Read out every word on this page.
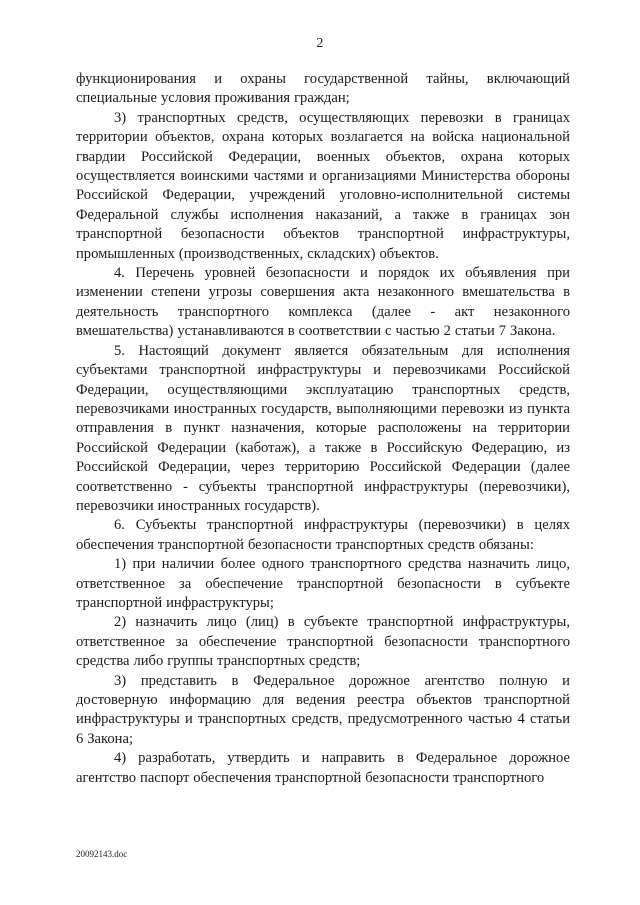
2

функционирования и охраны государственной тайны, включающий специальные условия проживания граждан;

3) транспортных средств, осуществляющих перевозки в границах территории объектов, охрана которых возлагается на войска национальной гвардии Российской Федерации, военных объектов, охрана которых осуществляется воинскими частями и организациями Министерства обороны Российской Федерации, учреждений уголовно-исполнительной системы Федеральной службы исполнения наказаний, а также в границах зон транспортной безопасности объектов транспортной инфраструктуры, промышленных (производственных, складских) объектов.

4. Перечень уровней безопасности и порядок их объявления при изменении степени угрозы совершения акта незаконного вмешательства в деятельность транспортного комплекса (далее - акт незаконного вмешательства) устанавливаются в соответствии с частью 2 статьи 7 Закона.

5. Настоящий документ является обязательным для исполнения субъектами транспортной инфраструктуры и перевозчиками Российской Федерации, осуществляющими эксплуатацию транспортных средств, перевозчиками иностранных государств, выполняющими перевозки из пункта отправления в пункт назначения, которые расположены на территории Российской Федерации (каботаж), а также в Российскую Федерацию, из Российской Федерации, через территорию Российской Федерации (далее соответственно - субъекты транспортной инфраструктуры (перевозчики), перевозчики иностранных государств).

6. Субъекты транспортной инфраструктуры (перевозчики) в целях обеспечения транспортной безопасности транспортных средств обязаны:

1) при наличии более одного транспортного средства назначить лицо, ответственное за обеспечение транспортной безопасности в субъекте транспортной инфраструктуры;

2) назначить лицо (лиц) в субъекте транспортной инфраструктуры, ответственное за обеспечение транспортной безопасности транспортного средства либо группы транспортных средств;

3) представить в Федеральное дорожное агентство полную и достоверную информацию для ведения реестра объектов транспортной инфраструктуры и транспортных средств, предусмотренного частью 4 статьи 6 Закона;

4) разработать, утвердить и направить в Федеральное дорожное агентство паспорт обеспечения транспортной безопасности транспортного

20092143.doc
